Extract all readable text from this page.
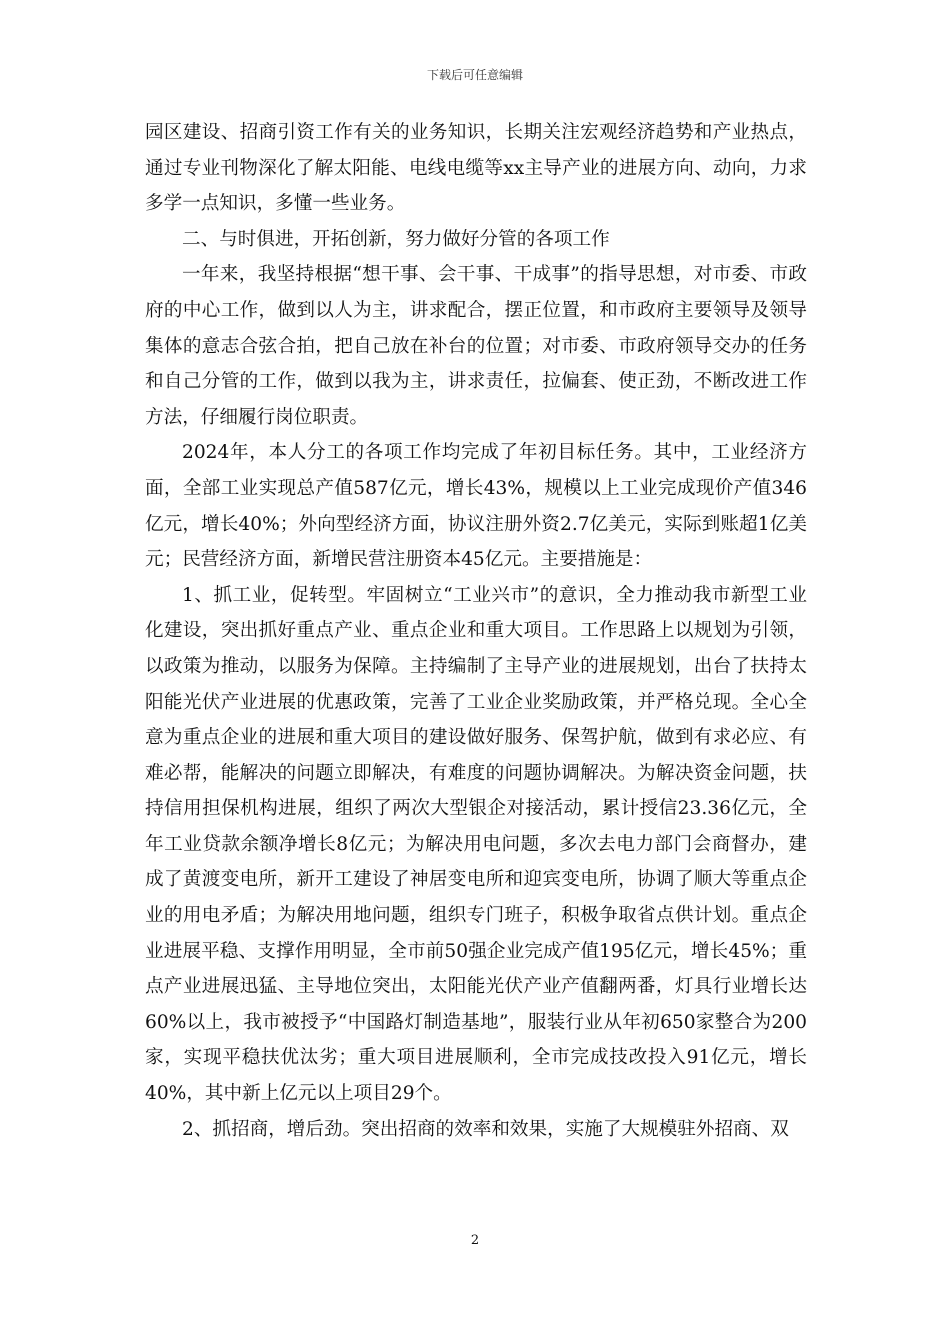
下载后可任意编辑

园区建设、招商引资工作有关的业务知识，长期关注宏观经济趋势和产业热点，通过专业刊物深化了解太阳能、电线电缆等xx主导产业的进展方向、动向，力求多学一点知识，多懂一些业务。

二、与时俱进，开拓创新，努力做好分管的各项工作

一年来，我坚持根据“想干事、会干事、干成事”的指导思想，对市委、市政府的中心工作，做到以人为主，讲求配合，摆正位置，和市政府主要领导及领导集体的意志合弦合拍，把自己放在补台的位置；对市委、市政府领导交办的任务和自己分管的工作，做到以我为主，讲求责任，拉偏套、使正劲，不断改进工作方法，仔细履行岗位职责。

2024年，本人分工的各项工作均完成了年初目标任务。其中，工业经济方面，全部工业实现总产值587亿元，增长43%，规模以上工业完成现价产值346亿元，增长40%；外向型经济方面，协议注册外资2.7亿美元，实际到账超1亿美元；民营经济方面，新增民营注册资本45亿元。主要措施是：

1、抓工业，促转型。牢固树立“工业兴市”的意识，全力推动我市新型工业化建设，突出抓好重点产业、重点企业和重大项目。工作思路上以规划为引领，以政策为推动，以服务为保障。主持编制了主导产业的进展规划，出台了扶持太阳能光伏产业进展的优惠政策，完善了工业企业奖励政策，并严格兑现。全心全意为重点企业的进展和重大项目的建设做好服务、保驾护航，做到有求必应、有难必帮，能解决的问题立即解决，有难度的问题协调解决。为解决资金问题，扶持信用担保机构进展，组织了两次大型银企对接活动，累计授信23.36亿元，全年工业贷款余额净增长8亿元；为解决用电问题，多次去电力部门会商督办，建成了黄渡变电所，新开工建设了神居变电所和迎宾变电所，协调了顺大等重点企业的用电矛盾；为解决用地问题，组织专门班子，积极争取省点供计划。重点企业进展平稳、支撑作用明显，全市前50强企业完成产值195亿元，增长45%；重点产业进展迅猛、主导地位突出，太阳能光伏产业产值翻两番，灯具行业增长达60%以上，我市被授予“中国路灯制造基地”，服装行业从年初650家整合为200家，实现平稳扶优汰劣；重大项目进展顺利，全市完成技改投入91亿元，增长40%，其中新上亿元以上项目29个。

2、抓招商，增后劲。突出招商的效率和效果，实施了大规模驻外招商、双

2
